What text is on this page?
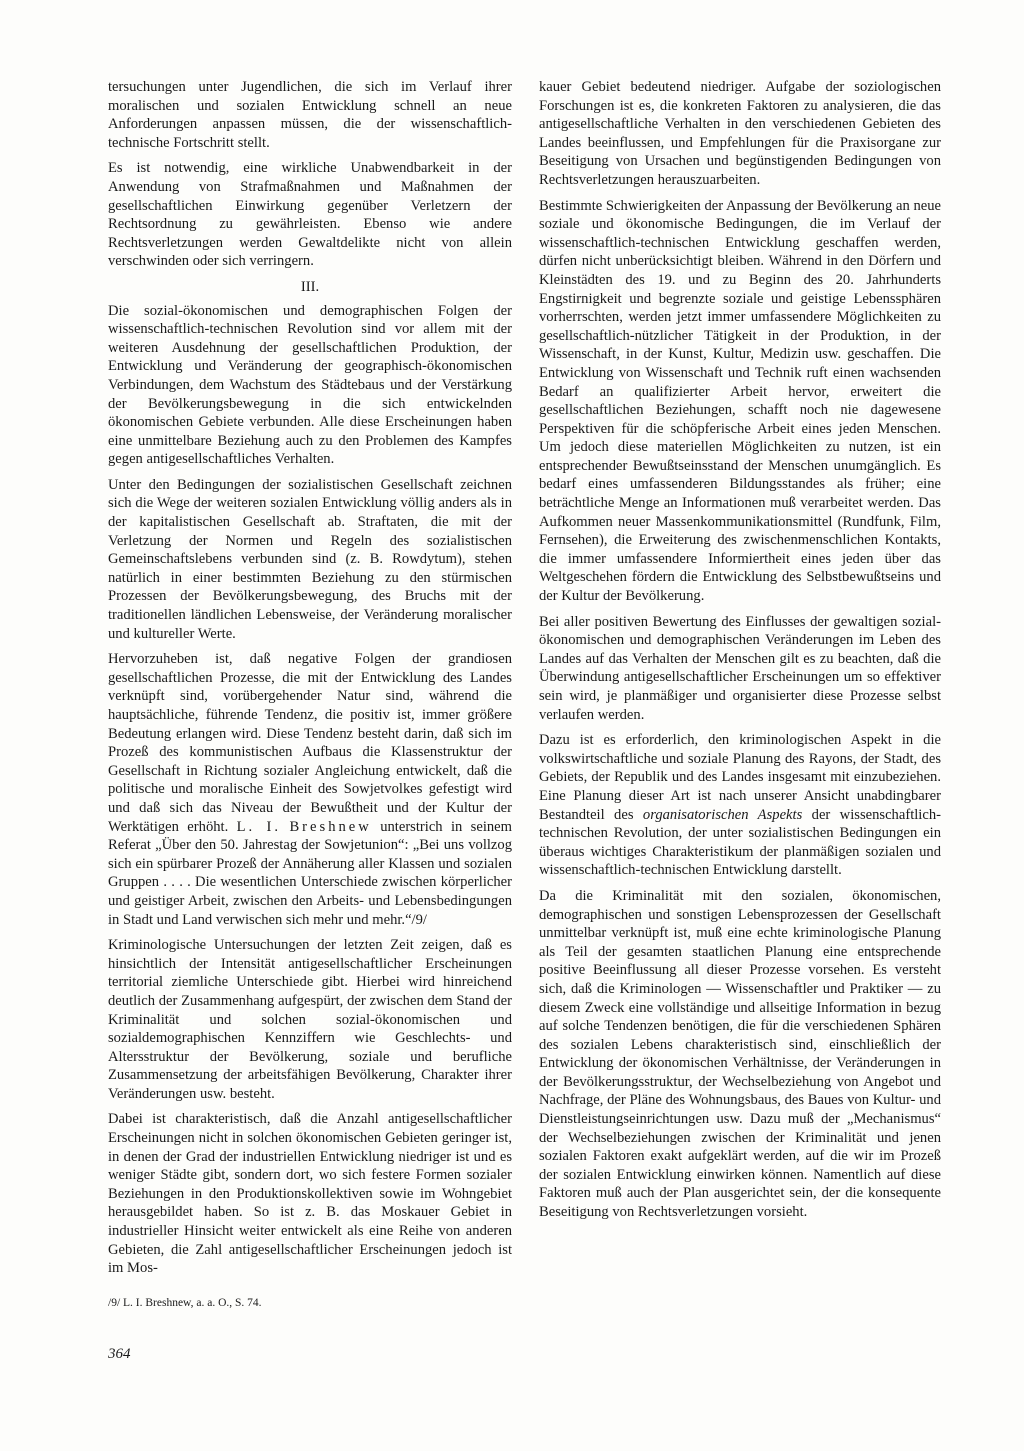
tersuchungen unter Jugendlichen, die sich im Verlauf ihrer moralischen und sozialen Entwicklung schnell an neue Anforderungen anpassen müssen, die der wissenschaftlich-technische Fortschritt stellt.

Es ist notwendig, eine wirkliche Unabwendbarkeit in der Anwendung von Strafmaßnahmen und Maßnahmen der gesellschaftlichen Einwirkung gegenüber Verletzern der Rechtsordnung zu gewährleisten. Ebenso wie andere Rechtsverletzungen werden Gewaltdelikte nicht von allein verschwinden oder sich verringern.

III.

Die sozial-ökonomischen und demographischen Folgen der wissenschaftlich-technischen Revolution sind vor allem mit der weiteren Ausdehnung der gesellschaftlichen Produktion, der Entwicklung und Veränderung der geographisch-ökonomischen Verbindungen, dem Wachstum des Städtebaus und der Verstärkung der Bevölkerungsbewegung in die sich entwickelnden ökonomischen Gebiete verbunden. Alle diese Erscheinungen haben eine unmittelbare Beziehung auch zu den Problemen des Kampfes gegen antigesellschaftliches Verhalten.

Unter den Bedingungen der sozialistischen Gesellschaft zeichnen sich die Wege der weiteren sozialen Entwicklung völlig anders als in der kapitalistischen Gesellschaft ab. Straftaten, die mit der Verletzung der Normen und Regeln des sozialistischen Gemeinschaftslebens verbunden sind (z. B. Rowdytum), stehen natürlich in einer bestimmten Beziehung zu den stürmischen Prozessen der Bevölkerungsbewegung, des Bruchs mit der traditionellen ländlichen Lebensweise, der Veränderung moralischer und kultureller Werte.

Hervorzuheben ist, daß negative Folgen der grandiosen gesellschaftlichen Prozesse, die mit der Entwicklung des Landes verknüpft sind, vorübergehender Natur sind, während die hauptsächliche, führende Tendenz, die positiv ist, immer größere Bedeutung erlangen wird. Diese Tendenz besteht darin, daß sich im Prozeß des kommunistischen Aufbaus die Klassenstruktur der Gesellschaft in Richtung sozialer Angleichung entwickelt, daß die politische und moralische Einheit des Sowjetvolkes gefestigt wird und daß sich das Niveau der Bewußtheit und der Kultur der Werktätigen erhöht. L. I. Breshnew unterstrich in seinem Referat „Über den 50. Jahrestag der Sowjetunion“: „Bei uns vollzog sich ein spürbarer Prozeß der Annäherung aller Klassen und sozialen Gruppen . . . . Die wesentlichen Unterschiede zwischen körperlicher und geistiger Arbeit, zwischen den Arbeits- und Lebensbedingungen in Stadt und Land verwischen sich mehr und mehr.“/9/

Kriminologische Untersuchungen der letzten Zeit zeigen, daß es hinsichtlich der Intensität antigesellschaftlicher Erscheinungen territorial ziemliche Unterschiede gibt. Hierbei wird hinreichend deutlich der Zusammenhang aufgespürt, der zwischen dem Stand der Kriminalität und solchen sozial-ökonomischen und sozialdemographischen Kennziffern wie Geschlechts- und Altersstruktur der Bevölkerung, soziale und berufliche Zusammensetzung der arbeitsfähigen Bevölkerung, Charakter ihrer Veränderungen usw. besteht.

Dabei ist charakteristisch, daß die Anzahl antigesellschaftlicher Erscheinungen nicht in solchen ökonomischen Gebieten geringer ist, in denen der Grad der industriellen Entwicklung niedriger ist und es weniger Städte gibt, sondern dort, wo sich festere Formen sozialer Beziehungen in den Produktionskollektiven sowie im Wohngebiet herausgebildet haben. So ist z. B. das Moskauer Gebiet in industrieller Hinsicht weiter entwickelt als eine Reihe von anderen Gebieten, die Zahl antigesellschaftlicher Erscheinungen jedoch ist im Mos-

kauer Gebiet bedeutend niedriger. Aufgabe der soziologischen Forschungen ist es, die konkreten Faktoren zu analysieren, die das antigesellschaftliche Verhalten in den verschiedenen Gebieten des Landes beeinflussen, und Empfehlungen für die Praxisorgane zur Beseitigung von Ursachen und begünstigenden Bedingungen von Rechtsverletzungen herauszuarbeiten.

Bestimmte Schwierigkeiten der Anpassung der Bevölkerung an neue soziale und ökonomische Bedingungen, die im Verlauf der wissenschaftlich-technischen Entwicklung geschaffen werden, dürfen nicht unberücksichtigt bleiben. Während in den Dörfern und Kleinstädten des 19. und zu Beginn des 20. Jahrhunderts Engstirnigkeit und begrenzte soziale und geistige Lebenssphären vorherrschten, werden jetzt immer umfassendere Möglichkeiten zu gesellschaftlich-nützlicher Tätigkeit in der Produktion, in der Wissenschaft, in der Kunst, Kultur, Medizin usw. geschaffen. Die Entwicklung von Wissenschaft und Technik ruft einen wachsenden Bedarf an qualifizierter Arbeit hervor, erweitert die gesellschaftlichen Beziehungen, schafft noch nie dagewesene Perspektiven für die schöpferische Arbeit eines jeden Menschen. Um jedoch diese materiellen Möglichkeiten zu nutzen, ist ein entsprechender Bewußtseinsstand der Menschen unumgänglich. Es bedarf eines umfassenderen Bildungsstandes als früher; eine beträchtliche Menge an Informationen muß verarbeitet werden. Das Aufkommen neuer Massenkommunikationsmittel (Rundfunk, Film, Fernsehen), die Erweiterung des zwischenmenschlichen Kontakts, die immer umfassendere Informiertheit eines jeden über das Weltgeschehen fördern die Entwicklung des Selbstbewußtseins und der Kultur der Bevölkerung.

Bei aller positiven Bewertung des Einflusses der gewaltigen sozial-ökonomischen und demographischen Veränderungen im Leben des Landes auf das Verhalten der Menschen gilt es zu beachten, daß die Überwindung antigesellschaftlicher Erscheinungen um so effektiver sein wird, je planmäßiger und organisierter diese Prozesse selbst verlaufen werden.

Dazu ist es erforderlich, den kriminologischen Aspekt in die volkswirtschaftliche und soziale Planung des Rayons, der Stadt, des Gebiets, der Republik und des Landes insgesamt mit einzubeziehen. Eine Planung dieser Art ist nach unserer Ansicht unabdingbarer Bestandteil des organisatorischen Aspekts der wissenschaftlich-technischen Revolution, der unter sozialistischen Bedingungen ein überaus wichtiges Charakteristikum der planmäßigen sozialen und wissenschaftlich-technischen Entwicklung darstellt.

Da die Kriminalität mit den sozialen, ökonomischen, demographischen und sonstigen Lebensprozessen der Gesellschaft unmittelbar verknüpft ist, muß eine echte kriminologische Planung als Teil der gesamten staatlichen Planung eine entsprechende positive Beeinflussung all dieser Prozesse vorsehen. Es versteht sich, daß die Kriminologen — Wissenschaftler und Praktiker — zu diesem Zweck eine vollständige und allseitige Information in bezug auf solche Tendenzen benötigen, die für die verschiedenen Sphären des sozialen Lebens charakteristisch sind, einschließlich der Entwicklung der ökonomischen Verhältnisse, der Veränderungen in der Bevölkerungsstruktur, der Wechselbeziehung von Angebot und Nachfrage, der Pläne des Wohnungsbaus, des Baues von Kultur- und Dienstleistungseinrichtungen usw. Dazu muß der „Mechanismus“ der Wechselbeziehungen zwischen der Kriminalität und jenen sozialen Faktoren exakt aufgeklärt werden, auf die wir im Prozeß der sozialen Entwicklung einwirken können. Namentlich auf diese Faktoren muß auch der Plan ausgerichtet sein, der die konsequente Beseitigung von Rechtsverletzungen vorsieht.

/9/ L. I. Breshnew, a. a. O., S. 74.
364
